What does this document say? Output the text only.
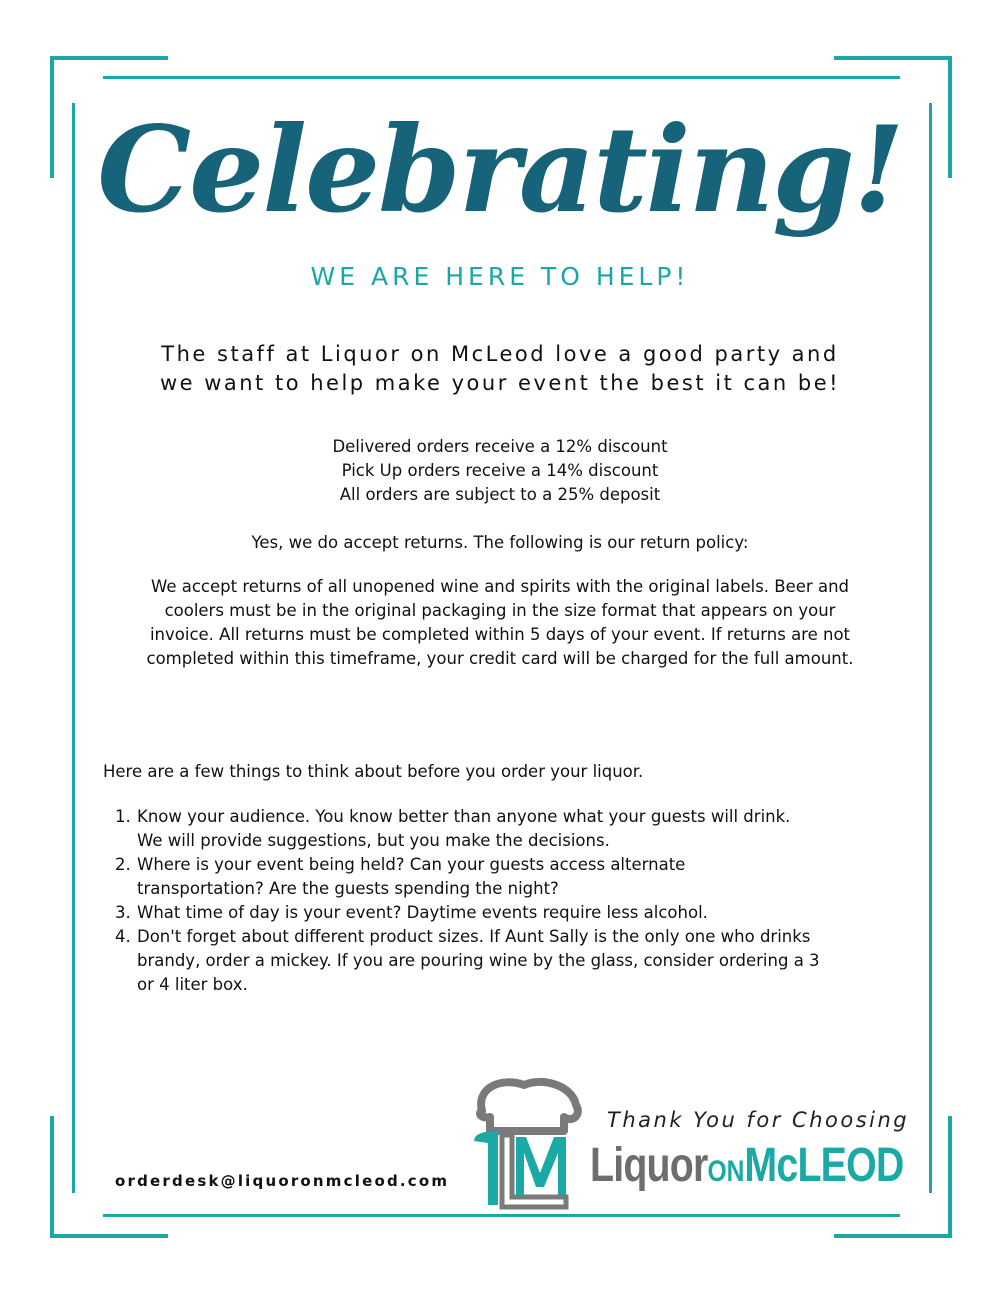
Celebrating!
WE ARE HERE TO HELP!
The staff at Liquor on McLeod love a good party and
we want to help make your event the best it can be!
Delivered orders receive a 12% discount
Pick Up orders receive a 14% discount
All orders are subject to a 25% deposit
Yes, we do accept returns. The following is our return policy:
We accept returns of all unopened wine and spirits with the original labels. Beer and
coolers must be in the original packaging in the size format that appears on your
invoice. All returns must be completed within 5 days of your event. If returns are not
completed within this timeframe, your credit card will be charged for the full amount.
Here are a few things to think about before you order your liquor.
1. Know your audience. You know better than anyone what your guests will drink.
We will provide suggestions, but you make the decisions.
2. Where is your event being held? Can your guests access alternate
transportation? Are the guests spending the night?
3. What time of day is your event? Daytime events require less alcohol.
4. Don't forget about different product sizes. If Aunt Sally is the only one who drinks
brandy, order a mickey. If you are pouring wine by the glass, consider ordering a 3
or 4 liter box.
orderdesk@liquoronmcleod.com
Thank You for Choosing
LiquorONMcLEOD
